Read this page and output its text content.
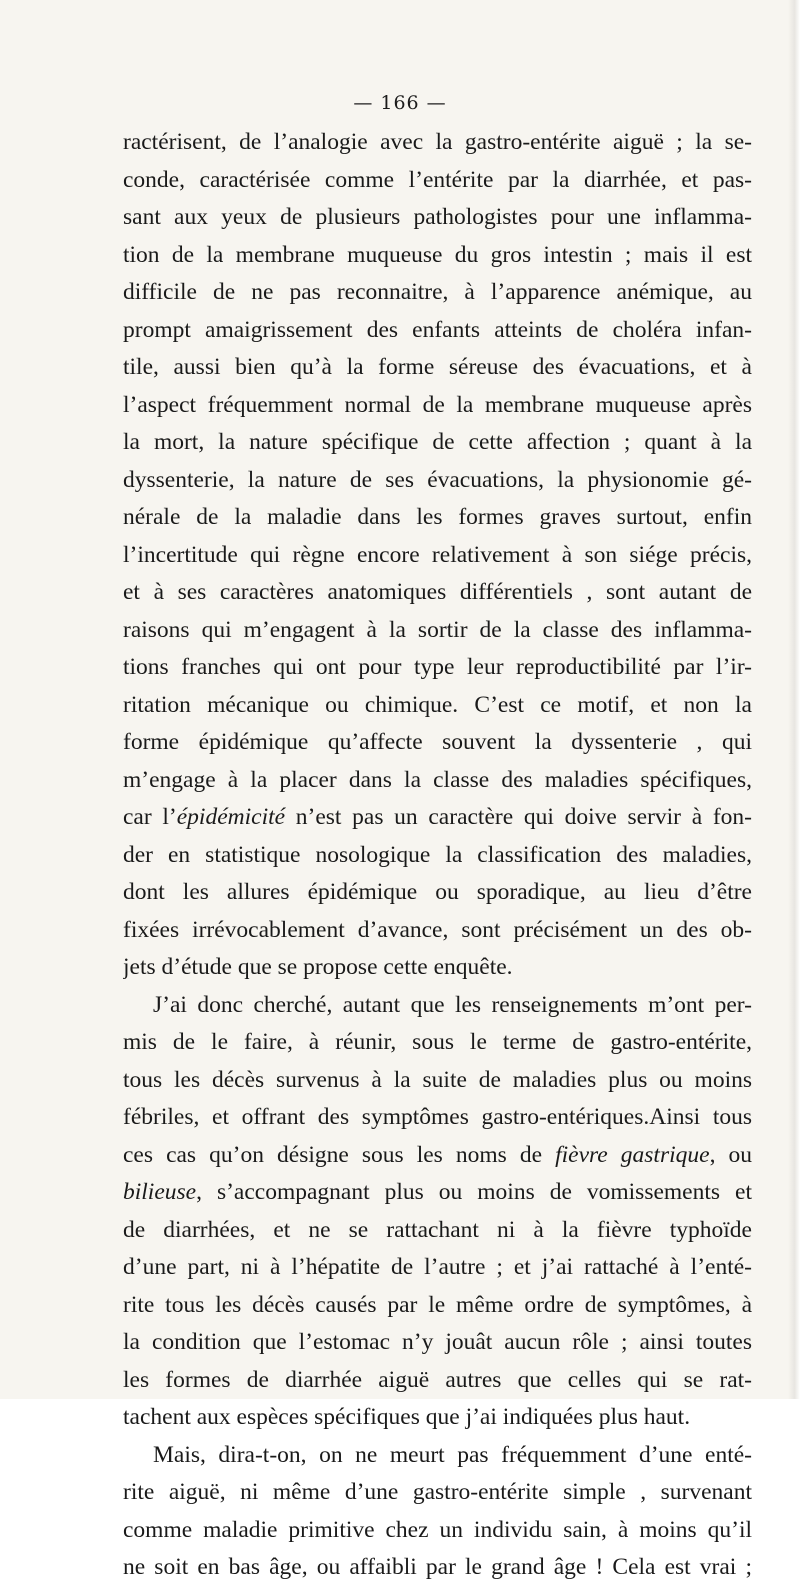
— 166 —
ractérisent, de l’analogie avec la gastro-entérite aiguë ; la se-
conde, caractérisée comme l’entérite par la diarrhée, et pas-
sant aux yeux de plusieurs pathologistes pour une inflamma-
tion de la membrane muqueuse du gros intestin ; mais il est
difficile de ne pas reconnaitre, à l’apparence anémique, au
prompt amaigrissement des enfants atteints de choléra infan-
tile, aussi bien qu’à la forme séreuse des évacuations, et à
l’aspect fréquemment normal de la membrane muqueuse après
la mort, la nature spécifique de cette affection ; quant à la
dyssenterie, la nature de ses évacuations, la physionomie gé-
nérale de la maladie dans les formes graves surtout, enfin
l’incertitude qui règne encore relativement à son siége précis,
et à ses caractères anatomiques différentiels , sont autant de
raisons qui m’engagent à la sortir de la classe des inflamma-
tions franches qui ont pour type leur reproductibilité par l’ir-
ritation mécanique ou chimique. C’est ce motif, et non la
forme épidémique qu’affecte souvent la dyssenterie , qui
m’engage à la placer dans la classe des maladies spécifiques,
car l’épidémicité n’est pas un caractère qui doive servir à fon-
der en statistique nosologique la classification des maladies,
dont les allures épidémique ou sporadique, au lieu d’être
fixées irrévocablement d’avance, sont précisément un des ob-
jets d’étude que se propose cette enquête.
J’ai donc cherché, autant que les renseignements m’ont per-
mis de le faire, à réunir, sous le terme de gastro-entérite,
tous les décès survenus à la suite de maladies plus ou moins
fébriles, et offrant des symptômes gastro-entériques.Ainsi tous
ces cas qu’on désigne sous les noms de fièvre gastrique, ou
bilieuse, s’accompagnant plus ou moins de vomissements et
de diarrhées, et ne se rattachant ni à la fièvre typhoïde
d’une part, ni à l’hépatite de l’autre ; et j’ai rattaché à l’enté-
rite tous les décès causés par le même ordre de symptômes, à
la condition que l’estomac n’y jouât aucun rôle ; ainsi toutes
les formes de diarrhée aiguë autres que celles qui se rat-
tachent aux espèces spécifiques que j’ai indiquées plus haut.
Mais, dira-t-on, on ne meurt pas fréquemment d’une enté-
rite aiguë, ni même d’une gastro-entérite simple , survenant
comme maladie primitive chez un individu sain, à moins qu’il
ne soit en bas âge, ou affaibli par le grand âge ! Cela est vrai ;
